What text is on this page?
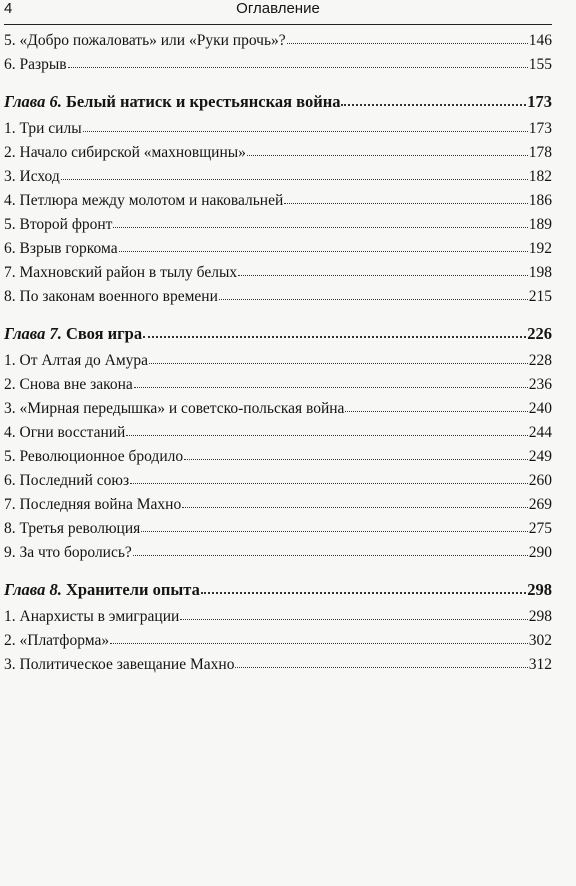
4	Оглавление
5. «Добро пожаловать» или «Руки прочь»?	146
6. Разрыв	155
Глава 6. Белый натиск и крестьянская война	173
1. Три силы	173
2. Начало сибирской «махновщины»	178
3. Исход	182
4. Петлюра между молотом и наковальней	186
5. Второй фронт	189
6. Взрыв горкома	192
7. Махновский район в тылу белых	198
8. По законам военного времени	215
Глава 7. Своя игра	226
1. От Алтая до Амура	228
2. Снова вне закона	236
3. «Мирная передышка» и советско-польская война	240
4. Огни восстаний	244
5. Революционное бродило	249
6. Последний союз	260
7. Последняя война Махно	269
8. Третья революция	275
9. За что боролись?	290
Глава 8. Хранители опыта	298
1. Анархисты в эмиграции	298
2. «Платформа»	302
3. Политическое завещание Махно	312
